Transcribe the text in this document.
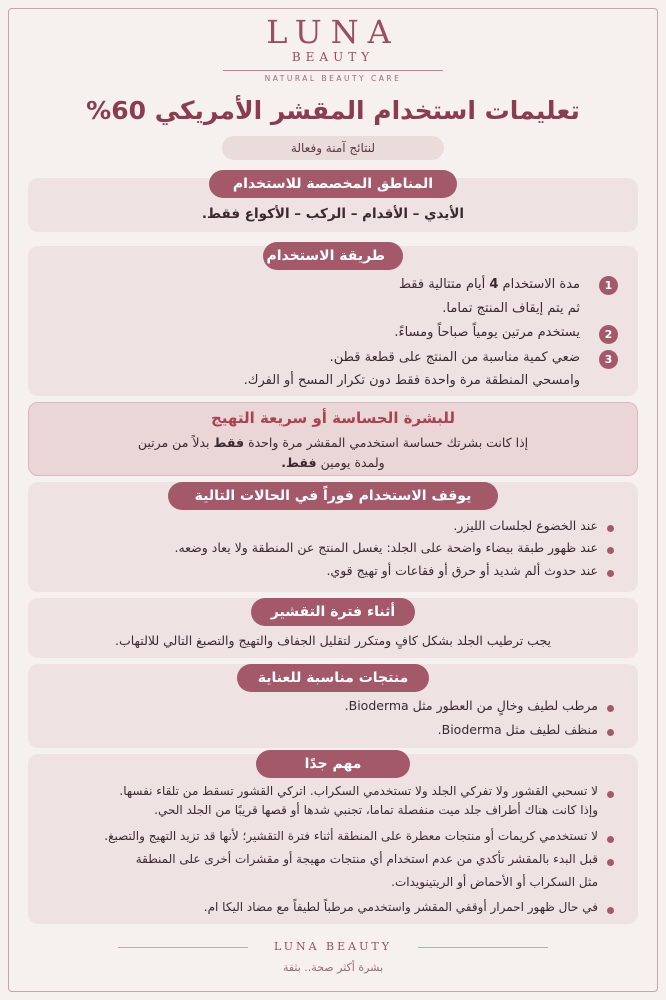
LUNA
BEAUTY
NATURAL BEAUTY CARE
تعليمات استخدام المقشر الأمريكي 60%
لنتائج آمنة وفعالة
المناطق المخصصة للاستخدام
الأيدي – الأقدام – الركب – الأكواع فقط.
طريقة الاستخدام
1
مدة الاستخدام 4 أيام متتالية فقط
ثم يتم إيقاف المنتج تماما.
2
يستخدم مرتين يومياً صباحاً ومساءً.
3
ضعي كمية مناسبة من المنتج على قطعة قطن.
وامسحي المنطقة مرة واحدة فقط دون تكرار المسح أو الفرك.
للبشرة الحساسة أو سريعة التهيج
إذا كانت بشرتك حساسة استخدمي المقشر مرة واحدة فقط بدلاً من مرتين
ولمدة يومين فقط.
يوقف الاستخدام فوراً في الحالات التالية
عند الخضوع لجلسات الليزر.
عند ظهور طبقة بيضاء واضحة على الجلد: يغسل المنتج عن المنطقة ولا يعاد وضعه.
عند حدوث ألم شديد أو حرق أو فقاعات أو تهيج قوي.
أثناء فترة التقشير
يجب ترطيب الجلد بشكل كافٍ ومتكرر لتقليل الجفاف والتهيج والتصبغ التالي للالتهاب.
منتجات مناسبة للعناية
مرطب لطيف وخالٍ من العطور مثل Bioderma.
منظف لطيف مثل Bioderma.
مهم جدًا
لا تسحبي القشور ولا تفركي الجلد ولا تستخدمي السكراب. اتركي القشور تسقط من تلقاء نفسها.
وإذا كانت هناك أطراف جلد ميت منفصلة تماما، تجنبي شدها أو قصها قريبًا من الجلد الحي.
لا تستخدمي كريمات أو منتجات معطرة على المنطقة أثناء فترة التقشير؛ لأنها قد تزيد التهيج والتصبغ.
قبل البدء بالمقشر تأكدي من عدم استخدام أي منتجات مهيجة أو مقشرات أخرى على المنطقة
مثل السكراب أو الأحماض أو الريتينويدات.
في حال ظهور احمرار أوقفي المقشر واستخدمي مرطباً لطيفاً مع مضاد اليكا ام.
LUNA BEAUTY
بشرة أكثر صحة.. بثقة
